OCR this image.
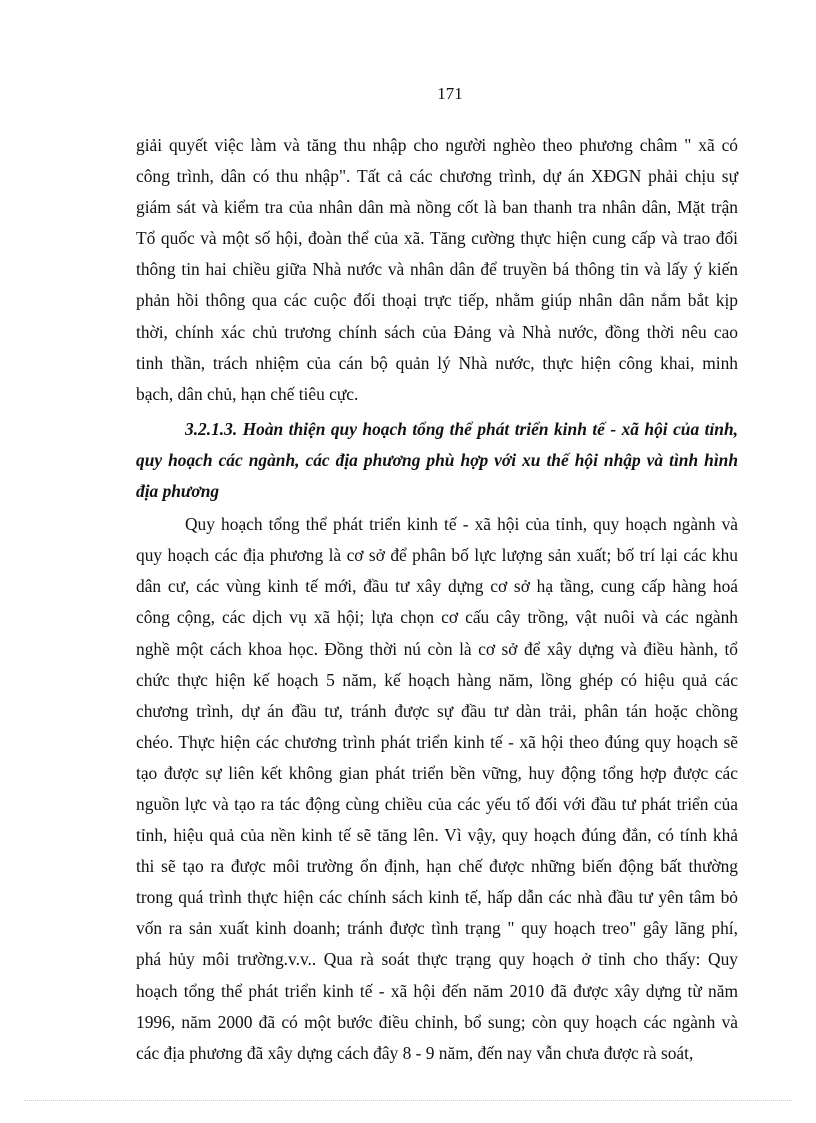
171
giải quyết việc làm và tăng thu nhập cho người nghèo theo phương châm " xã có
công trình, dân có thu nhập". Tất cả các chương trình, dự án XĐGN phải chịu sự
giám sát và kiểm tra của nhân dân mà nồng cốt là ban thanh tra nhân dân, Mặt trận
Tổ quốc và một số hội, đoàn thể của xã. Tăng cường thực hiện cung cấp và trao đổi
thông tin hai chiều giữa Nhà nước và nhân dân để truyền bá thông tin và lấy ý kiến
phản hồi thông qua các cuộc đối thoại trực tiếp, nhằm giúp nhân dân nắm bắt kịp
thời, chính xác chủ trương chính sách của Đảng và Nhà nước, đồng thời nêu cao
tinh thần, trách nhiệm của cán bộ quản lý Nhà nước, thực hiện công khai, minh
bạch, dân chủ, hạn chế tiêu cực.
3.2.1.3. Hoàn thiện quy hoạch tổng thể phát triển kinh tế - xã hội của tỉnh,
quy hoạch các ngành, các địa phương phù hợp với xu thế hội nhập và tình hình
địa phương
Quy hoạch tổng thể phát triển kinh tế - xã hội của tỉnh, quy hoạch ngành và
quy hoạch các địa phương là cơ sở để phân bố lực lượng sản xuất; bố trí lại các khu
dân cư, các vùng kinh tế mới, đầu tư xây dựng cơ sở hạ tầng, cung cấp hàng hoá
công cộng, các dịch vụ xã hội; lựa chọn cơ cấu cây trồng, vật nuôi và các ngành
nghề một cách khoa học. Đồng thời nú còn là cơ sở để xây dựng và điều hành, tổ
chức thực hiện kế hoạch 5 năm, kế hoạch hàng năm, lồng ghép có hiệu quả các
chương trình, dự án đầu tư, tránh được sự đầu tư dàn trải, phân tán hoặc chồng
chéo. Thực hiện các chương trình phát triển kinh tế - xã hội theo đúng quy hoạch sẽ
tạo được sự liên kết không gian phát triển bền vững, huy động tổng hợp được các
nguồn lực và tạo ra tác động cùng chiều của các yếu tố đối với đầu tư phát triển của
tỉnh, hiệu quả của nền kinh tế sẽ tăng lên. Vì vậy, quy hoạch đúng đắn, có tính khả
thi sẽ tạo ra được môi trường ổn định, hạn chế được những biến động bất thường
trong quá trình thực hiện các chính sách kinh tế, hấp dẫn các nhà đầu tư yên tâm bỏ
vốn ra sản xuất kinh doanh; tránh được tình trạng " quy hoạch treo" gây lãng phí,
phá hủy môi trường.v.v.. Qua rà soát thực trạng quy hoạch ở tỉnh cho thấy: Quy
hoạch tổng thể phát triển kinh tế - xã hội đến năm 2010 đã được xây dựng từ năm
1996, năm 2000 đã có một bước điều chỉnh, bổ sung; còn quy hoạch các ngành và
các địa phương đã xây dựng cách đây 8 - 9 năm, đến nay vẫn chưa được rà soát,
